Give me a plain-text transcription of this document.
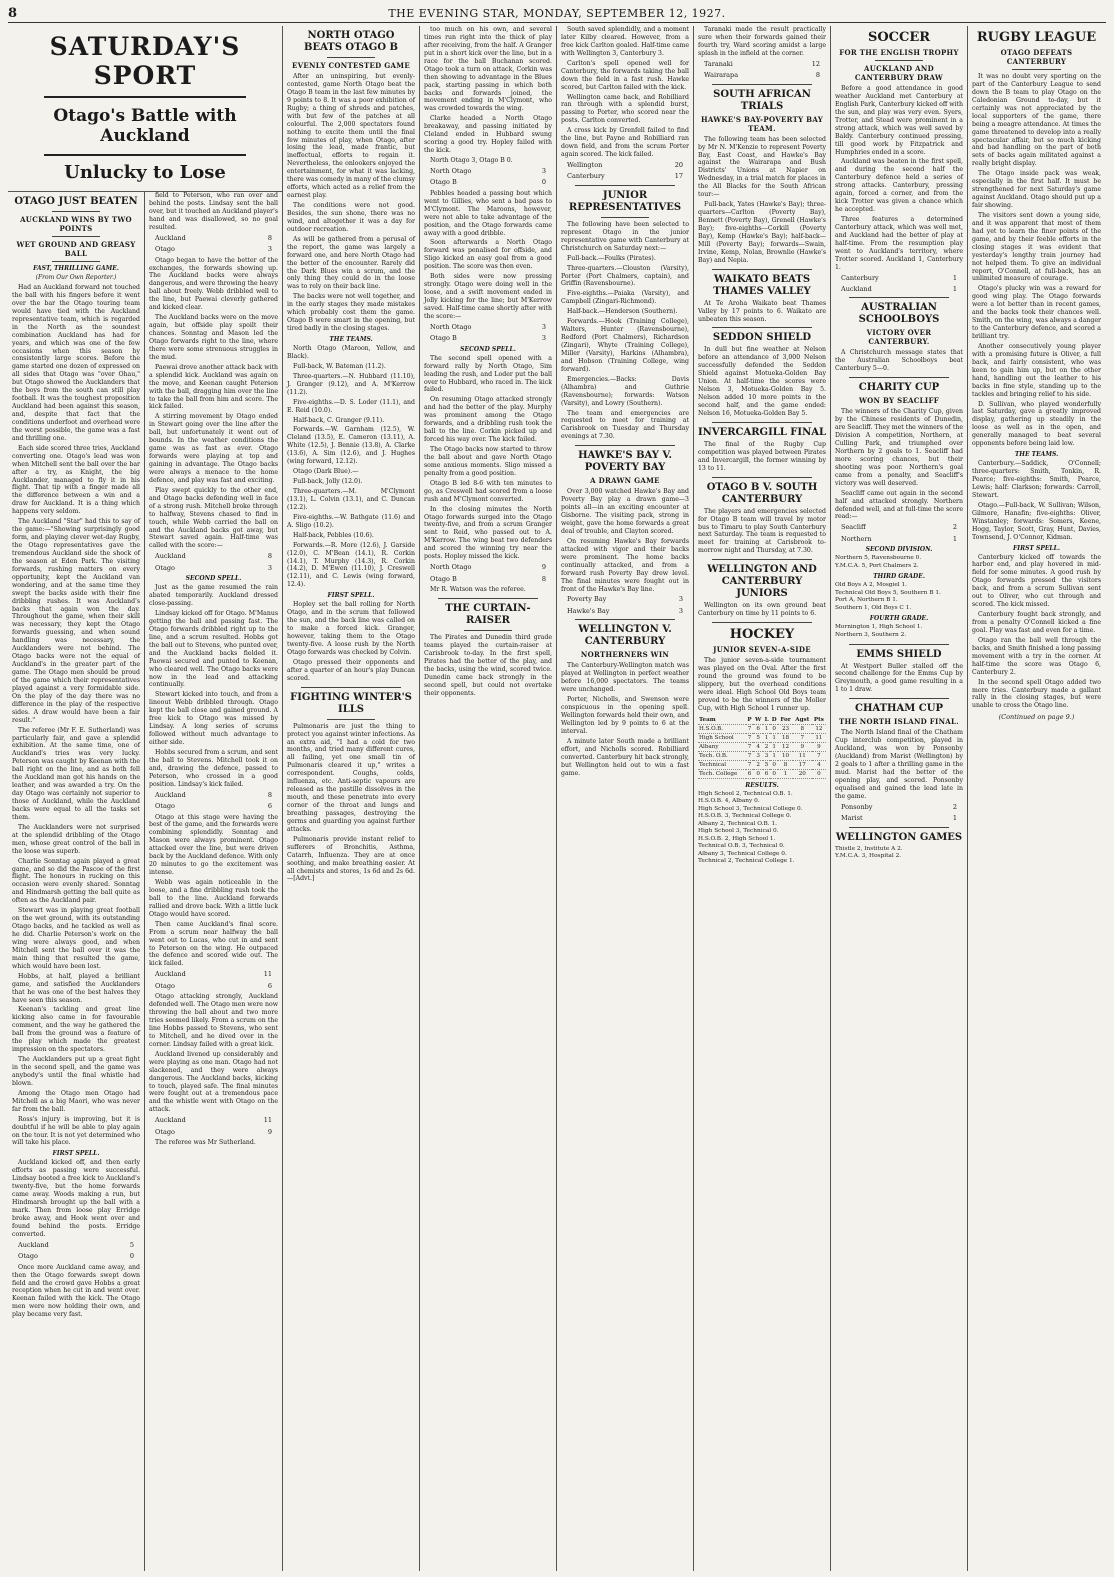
8	THE EVENING STAR, MONDAY, SEPTEMBER 12, 1927.
SATURDAY'S SPORT
Otago's Battle with Auckland
Unlucky to Lose
OTAGO JUST BEATEN
AUCKLAND WINS BY TWO POINTS
WET GROUND AND GREASY BALL
FAST, THRILLING GAME.
(From Our Own Reporter.)

Had an Auckland forward not touched the ball with his fingers before it went over the bar the Otago touring team would have tied with the Auckland representative team, which is regarded in the North as the soundest combination Auckland has had for years, and which was one of the few occasions when this season by consistently large scores. Before the game started one dozen of expressed on all sides that Otago was "over Ohau," but Otago showed the Aucklanders that the boys from the south can still play football. It was the toughest proposition Auckland had been against this season, and, despite that fact that the conditions underfoot and overhead were the worst possible, the game was a fast and thrilling one.

Each side scored three tries, Auckland converting one. Otago's lead was won when Mitchell sent the ball over the bar after a try, as Knight, the big Aucklander, managed to fly it in his flight. That tip with a finger made all the difference between a win and a draw for Auckland. It is a thing which happens very seldom.

The Auckland "Star" had this to say of the game:—"Showing surprisingly good form, and playing clever wet-day Rugby, the Otago representatives gave the tremendous Auckland side the shock of the season at Eden Park. The visiting forwards, rushing matters on every opportunity, kept the Auckland van wondering, and at the same time they swept the backs aside with their fine dribbling rushes. It was Auckland's backs that again won the day. Throughout the game, when their skill was necessary, they kept the Otago forwards guessing, and when sound handling was necessary, the Aucklanders were not behind. The Otago backs were not the equal of Auckland's in the greater part of the game. The Otago men should be proud of the game which their representatives played against a very formidable side. On the play of the day there was no difference in the play of the respective sides. A draw would have been a fair result."

The referee (Mr F. E. Sutherland) was particularly fair, and gave a splendid exhibition. At the same time, one of Auckland's tries was very lucky. Peterson was caught by Keenan with the ball right on the line, and as both fell the Auckland man got his hands on the leather, and was awarded a try. On the day Otago was certainly not superior to those of Auckland, while the Auckland backs were equal to all the tasks set them.

The Aucklanders were not surprised at the splendid dribbling of the Otago men, whose great control of the ball in the loose was superb.

Charlie Sonntag again played a great game, and so did the Pascoe of the first flight. The honours in rucking on this occasion were evenly shared. Sonntag and Hindmarsh getting the ball quite as often as the Auckland pair.

Stewart was in playing great football on the wet ground, with its outstanding Otago backs, and he tackled as well as he did. Charlie Peterson's work on the wing were always good, and when Mitchell sent the ball over it was the main thing that resulted the game, which would have been lost.

Hobbs, at half, played a brilliant game, and satisfied the Aucklanders that he was one of the best halves they have seen this season.

Keenan's tackling and great line kicking also came in for favourable comment, and the way he gathered the ball from the ground was a feature of the play which made the greatest impression on the spectators.

The Aucklanders put up a great fight in the second spell, and the game was anybody's until the final whistle had blown.

Among the Otago men Otago had Mitchell as a big Maori, who was never far from the ball.

Ross's injury is improving, but it is doubtful if he will be able to play again on the tour. It is not yet determined who will take his place.

FIRST SPELL.

Auckland kicked off, and then early efforts as passing were successful. Lindsay booted a free kick to Auckland's twenty-five, but the home forwards came away. Woods making a run, but Hindmarsh brought up the ball with a mark. Then from loose play Erridge broke away, and Hook went over and found behind the posts. Erridge converted.

Auckland	5
Otago	0

Once more Auckland came away, and then the Otago forwards swept down field and the crowd gave Hobbs a great reception when he cut in and went over. Keenan failed with the kick. The Otago men were now holding their own, and play became very fast.

field to Peterson, who ran over and behind the posts. Lindsay sent the ball over, but it touched an Auckland player's hand and was disallowed, so no goal resulted.

Auckland	8
Otago	3

Otago began to have the better of the exchanges, the forwards showing up. The Auckland backs were always dangerous, and were throwing the heavy ball about freely. Webb dribbled well to the line, but Paewai cleverly gathered and kicked clear.

The Auckland backs were on the move again, but offside play spoilt their chances. Sonntag and Mason led the Otago forwards right to the line, where there were some strenuous struggles in the mud.

Paewai drove another attack back with a splendid kick. Auckland was again on the move, and Keenan caught Peterson with the ball, dragging him over the line to take the ball from him and score. The kick failed.

A stirring movement by Otago ended in Stewart going over the line after the ball, but unfortunately it went out of bounds. In the weather conditions the game was as fast as ever. Otago forwards were playing at top and gaining in advantage. The Otago backs were always a menace to the home defence, and play was fast and exciting.

Play swept quickly to the other end, and Otago backs defending well in face of a strong rush. Mitchell broke through to halfway, Stevens chased to find in touch, while Webb carried the ball on and the Auckland backs got away, but Stewart saved again. Half-time was called with the score:—

Auckland	8
Otago	3
SECOND SPELL.

Just as the game resumed the rain abated temporarily. Auckland dressed close-passing.

Lindsay kicked off for Otago. M'Manus getting the ball and passing fast. The Otago forwards dribbled right up to the line, and a scrum resulted. Hobbs got the ball out to Stevens, who punted over, and the Auckland backs fielded it. Paewai secured and punted to Keenan, who cleared well. The Otago backs were now in the lead and attacking continually.

Stewart kicked into touch, and from a lineout Webb dribbled through. Otago kept the ball close and gained ground. A free kick to Otago was missed by Lindsay. A long series of scrums followed without much advantage to either side.

Hobbs secured from a scrum, and sent the ball to Stevens. Mitchell took it on and, drawing the defence, passed to Peterson, who crossed in a good position. Lindsay's kick failed.

Auckland	8
Otago	6

Otago at this stage were having the best of the game, and the forwards were combining splendidly. Sonntag and Mason were always prominent. Otago attacked over the line, but were driven back by the Auckland defence. With only 20 minutes to go the excitement was intense.

Webb was again noticeable in the loose, and a fine dribbling rush took the ball to the line. Auckland forwards rallied and drove back. With a little luck Otago would have scored.

Then came Auckland's final score. From a scrum near halfway the ball went out to Lucas, who cut in and sent to Peterson on the wing. He outpaced the defence and scored wide out. The kick failed.

Auckland	11
Otago	6

Otago attacking strongly, Auckland defended well. The Otago men were now throwing the ball about and two more tries seemed likely. From a scrum on the line Hobbs passed to Stevens, who sent to Mitchell, and he dived over in the corner. Lindsay failed with a great kick.

Auckland livened up considerably and were playing as one man. Otago had not slackened, and they were always dangerous. The Auckland backs, kicking to touch, played safe. The final minutes were fought out at a tremendous pace and the whistle went with Otago on the attack.

Auckland	11
Otago	9

The referee was Mr Sutherland.

NORTH OTAGO BEATS OTAGO B
EVENLY CONTESTED GAME

After an uninspiring, but evenly-contested, game North Otago beat the Otago B team in the last few minutes by 9 points to 8. It was a poor exhibition of Rugby; a thing of shreds and patches, with but few of the patches at all colourful. The 2,000 spectators found nothing to excite them until the final few minutes of play, when Otago, after losing the lead, made frantic, but ineffectual, efforts to regain it. Nevertheless, the onlookers enjoyed the entertainment, for what it was lacking, there was comedy in many of the clumsy efforts, which acted as a relief from the earnest play.

The conditions were not good. Besides, the sun shone, there was no wind, and altogether it was a day for outdoor recreation.

As will be gathered from a perusal of the report, the game was largely a forward one, and here North Otago had the better of the encounter. Rarely did the Dark Blues win a scrum, and the only thing they could do in the loose was to rely on their back line.

The backs were not well together, and in the early stages they made mistakes which probably cost them the game. Otago B were smart in the opening, but tired badly in the closing stages.

THE TEAMS.

North Otago (Maroon, Yellow, and Black).

Full-back, W. Bateman (11.2).

Three-quarters.—N. Hubbard (11.10), J. Granger (9.12), and A. M'Kerrow (11.2).

Five-eighths.—D. S. Loder (11.1), and E. Reid (10.0).

Half-back, C. Granger (9.11).

Forwards.—W. Garnham (12.5), W. Cleland (13.5), E. Cameron (13.11), A. White (12.5), J. Bennie (13.8), A. Clarke (13.6), A. Sim (12.6), and J. Hughes (wing forward, 12.12).

Otago (Dark Blue).—

Full-back, Jolly (12.0).

Three-quarters.—M. M'Clymont (13.1), L. Colvin (13.1), and C. Duncan (12.2).

Five-eighths.—W. Bathgate (11.6) and A. Sligo (10.2).

Half-back, Pebbles (10.6).

Forwards.—R. More (12.6), J. Garside (12.0), C. M'Bean (14.1), R. Corkin (14.1), T. Murphy (14.3), R. Corkin (14.2), D. M'Ewen (11.10), J. Creswell (12.11), and C. Lewis (wing forward, 12.4).

FIRST SPELL.

Hopley set the ball rolling for North Otago, and in the scrum that followed the sun, and the back line was called on to make a forced kick. Granger, however, taking them to the Otago twenty-five. A loose rush by the North Otago forwards was checked by Colvin.

Otago pressed their opponents and after a quarter of an hour's play Duncan scored.

FIGHTING WINTER'S ILLS

Pulmonaris are just the thing to protect you against winter infections. As an extra aid, "I had a cold for two months, and tried many different cures, all failing, yet one small tin of Pulmonaris cleared it up," writes a correspondent. Coughs, colds, influenza, etc. Anti-septic vapours are released as the pastille dissolves in the mouth, and these penetrate into every corner of the throat and lungs and breathing passages, destroying the germs and guarding you against further attacks.

Pulmonaris provide instant relief to sufferers of Bronchitis, Asthma, Catarrh, Influenza. They are at once soothing, and make breathing easier. At all chemists and stores, 1s 6d and 2s 6d.—[Advt.]

too much on his own, and several times run right into the thick of play after receiving, from the half. A Granger put in a short kick over the line, but in a race for the ball Buchanan scored. Otago took a turn on attack, Corkin was then showing to advantage in the Blues pack, starting passing in which both backs and forwards joined, the movement ending in M'Clymont, who was crowded towards the wing.

Clarke headed a North Otago breakaway, and passing initiated by Cleland ended in Hubbard swung scoring a good try. Hopley failed with the kick.

North Otago 3, Otago B 0.

North Otago	3
Otago B	0

Pebbles headed a passing bout which went to Gillies, who sent a bad pass to M'Clymont. The Maroons, however, were not able to take advantage of the position, and the Otago forwards came away with a good dribble.

Soon afterwards a North Otago forward was penalised for offside, and Sligo kicked an easy goal from a good position. The score was then even.

Both sides were now pressing strongly. Otago were doing well in the loose, and a swift movement ended in Jolly kicking for the line; but M'Kerrow saved. Half-time came shortly after with the score:—

North Otago	3
Otago B	3
SECOND SPELL.

The second spell opened with a forward rally by North Otago, Sim leading the rush, and Loder put the ball over to Hubbard, who raced in. The kick failed.

On resuming Otago attacked strongly and had the better of the play. Murphy was prominent among the Otago forwards, and a dribbling rush took the ball to the line. Corkin picked up and forced his way over. The kick failed.

The Otago backs now started to throw the ball about and gave North Otago some anxious moments. Sligo missed a penalty from a good position.

Otago B led 8-6 with ten minutes to go, as Creswell had scored from a loose rush and M'Clymont converted.

In the closing minutes the North Otago forwards surged into the Otago twenty-five, and from a scrum Granger sent to Reid, who passed out to A. M'Kerrow. The wing beat two defenders and scored the winning try near the posts. Hopley missed the kick.

North Otago	9
Otago B	8

Mr R. Watson was the referee.

THE CURTAIN-RAISER

The Pirates and Dunedin third grade teams played the curtain-raiser at Carisbrook to-day. In the first spell, Pirates had the better of the play, and the backs, using the wind, scored twice. Dunedin came back strongly in the second spell, but could not overtake their opponents.

South saved splendidly, and a moment later Kilby cleared. However, from a free kick Carlton goaled. Half-time came with Wellington 3, Canterbury 3.

Carlton's spell opened well for Canterbury, the forwards taking the ball down the field in a fast rush. Hawke scored, but Carlton failed with the kick.

Wellington came back, and Robilliard ran through with a splendid burst, passing to Porter, who scored near the posts. Carlton converted.

A cross kick by Grenfell failed to find the line, but Payne and Robilliard ran down field, and from the scrum Porter again scored. The kick failed.

Wellington	20
Canterbury	17
JUNIOR REPRESENTATIVES

The following have been selected to represent Otago in the junior representative game with Canterbury at Christchurch on Saturday next:—

Full-back.—Foulks (Pirates).

Three-quarters.—Clouston (Varsity), Porter (Port Chalmers, captain), and Griffin (Ravensbourne).

Five-eighths.—Paiaka (Varsity), and Campbell (Zingari-Richmond).

Half-back.—Henderson (Southern).

Forwards.—Hook (Training College), Walters, Hunter (Ravensbourne), Redford (Port Chalmers), Richardson (Zingari), Whyte (Training College), Miller (Varsity), Harkins (Alhambra), and Hobson (Training College, wing forward).

Emergencies.—Backs: Davis (Alhambra) and Guthrie (Ravensbourne); forwards: Watson (Varsity), and Lowry (Southern).

The team and emergencies are requested to meet for training at Carisbrook on Tuesday and Thursday evenings at 7.30.

HAWKE'S BAY V. POVERTY BAY
A DRAWN GAME

Over 3,000 watched Hawke's Bay and Poverty Bay play a drawn game—3 points all—in an exciting encounter at Gisborne. The visiting pack, strong in weight, gave the home forwards a great deal of trouble, and Clayton scored.

On resuming Hawke's Bay forwards attacked with vigor and their backs were prominent. The home backs continually attacked, and from a forward rush Poverty Bay drew level. The final minutes were fought out in front of the Hawke's Bay line.

Poverty Bay	3
Hawke's Bay	3
WELLINGTON V. CANTERBURY
NORTHERNERS WIN

The Canterbury-Wellington match was played at Wellington in perfect weather before 16,000 spectators. The teams were unchanged.

Porter, Nicholls, and Swenson were conspicuous in the opening spell. Wellington forwards held their own, and Wellington led by 9 points to 6 at the interval.

A minute later South made a brilliant effort, and Nicholls scored. Robilliard converted. Canterbury hit back strongly, but Wellington held out to win a fast game.

Taranaki made the result practically sure when their forwards gained their fourth try, Ward scoring amidst a large splash in the infield at the corner.

Taranaki	12
Wairarapa	8
SOUTH AFRICAN TRIALS
HAWKE'S BAY-POVERTY BAY TEAM.

The following team has been selected by Mr N. M'Kenzie to represent Poverty Bay, East Coast, and Hawke's Bay against the Wairarapa and Bush Districts' Unions at Napier on Wednesday, in a trial match for places in the All Blacks for the South African tour:—

Full-back, Yates (Hawke's Bay); three-quarters—Carlton (Poverty Bay), Bennett (Poverty Bay), Grenell (Hawke's Bay); five-eighths—Corkill (Poverty Bay), Kemp (Hawke's Bay); half-back—Mill (Poverty Bay); forwards—Swain, Irvine, Kemp, Nolan, Brownlie (Hawke's Bay) and Nepia.

WAIKATO BEATS THAMES VALLEY

At Te Aroha Waikato beat Thames Valley by 17 points to 6. Waikato are unbeaten this season.

SEDDON SHIELD

In dull but fine weather at Nelson before an attendance of 3,000 Nelson successfully defended the Seddon Shield against Motueka-Golden Bay Union. At half-time the scores were Nelson 3, Motueka-Golden Bay 5. Nelson added 10 more points in the second half, and the game ended: Nelson 16, Motueka-Golden Bay 5.

INVERCARGILL FINAL

The final of the Rugby Cup competition was played between Pirates and Invercargill, the former winning by 13 to 11.

OTAGO B V. SOUTH CANTERBURY

The players and emergencies selected for Otago B team will travel by motor bus to Timaru to play South Canterbury next Saturday. The team is requested to meet for training at Carisbrook to-morrow night and Thursday, at 7.30.

WELLINGTON AND CANTERBURY JUNIORS

Wellington on its own ground beat Canterbury on time by 11 points to 6.

HOCKEY
JUNIOR SEVEN-A-SIDE

The junior seven-a-side tournament was played on the Oval. After the first round the ground was found to be slippery, but the overhead conditions were ideal. High School Old Boys team proved to be the winners of the Moller Cup, with High School 1 runner up.

Team	P	W	L	D	For	Agst	Pts
H.S.O.B.	7	6	1	0	23	8	12
High School	7	5	1	1	18	7	11
Albany	7	4	2	1	12	9	9
Tech. O.B.	7	3	3	1	10	11	7
Technical	7	2	5	0	8	17	4
Tech. College	6	0	6	0	1	20	0
RESULTS.
High School 2, Technical O.B. 1.
H.S.O.B. 4, Albany 0.
High School 3, Technical College 0.
H.S.O.B. 3, Technical College 0.
Albany 2, Technical O.B. 1.
High School 3, Technical 0.
H.S.O.B. 2, High School 1.
Technical O.B. 3, Technical 0.
Albany 3, Technical College 0.
Technical 2, Technical College 1.
SOCCER
FOR THE ENGLISH TROPHY
AUCKLAND AND CANTERBURY DRAW

Before a good attendance in good weather Auckland met Canterbury at English Park, Canterbury kicked off with the sun, and play was very even. Syers, Trotter, and Stead were prominent in a strong attack, which was well saved by Baldy. Canterbury continued pressing, till good work by Fitzpatrick and Humphries ended in a score.

Auckland was beaten in the first spell, and during the second half the Canterbury defence held a series of strong attacks. Canterbury, pressing again, forced a corner, and from the kick Trotter was given a chance which he accepted.

Three features a determined Canterbury attack, which was well met, and Auckland had the better of play at half-time. From the resumption play went to Auckland's territory, where Trotter scored. Auckland 1, Canterbury 1.

Canterbury	1
Auckland	1
AUSTRALIAN SCHOOLBOYS
VICTORY OVER CANTERBURY.

A Christchurch message states that the Australian Schoolboys beat Canterbury 5—0.

CHARITY CUP
WON BY SEACLIFF

The winners of the Charity Cup, given by the Chinese residents of Dunedin, are Seacliff. They met the winners of the Division A competition, Northern, at Culling Park, and triumphed over Northern by 2 goals to 1. Seacliff had more scoring chances, but their shooting was poor. Northern's goal came from a penalty, and Seacliff's victory was well deserved.

Seacliff came out again in the second half and attacked strongly. Northern defended well, and at full-time the score read:—

Seacliff	2
Northern	1
SECOND DIVISION.
Northern 5, Ravensbourne 0.
Y.M.C.A. 5, Port Chalmers 2.
THIRD GRADE.
Old Boys A 2, Mosgiel 1.
Technical Old Boys 5, Southern B 1.
Port A, Northern B 1.
Southern 1, Old Boys C 1.
FOURTH GRADE.
Mornington 1, High School 1.
Northern 3, Southern 2.
EMMS SHIELD

At Westport Buller stalled off the second challenge for the Emms Cup by Greymouth, a good game resulting in a 1 to 1 draw.

CHATHAM CUP
THE NORTH ISLAND FINAL.

The North Island final of the Chatham Cup interclub competition, played in Auckland, was won by Ponsonby (Auckland) from Marist (Wellington) by 2 goals to 1 after a thrilling game in the mud. Marist had the better of the opening play, and scored. Ponsonby equalised and gained the lead late in the game.

Ponsonby	2
Marist	1
WELLINGTON GAMES
Thistle 2, Institute A 2.
Y.M.C.A. 3, Hospital 2.
RUGBY LEAGUE
OTAGO DEFEATS CANTERBURY

It was no doubt very sporting on the part of the Canterbury League to send down the B team to play Otago on the Caledonian Ground to-day, but it certainly was not appreciated by the local supporters of the game, there being a meagre attendance. At times the game threatened to develop into a really spectacular affair, but so much kicking and bad handling on the part of both sets of backs again militated against a really bright display.

The Otago inside pack was weak, especially in the first half. It must be strengthened for next Saturday's game against Auckland. Otago should put up a fair showing.

The visitors sent down a young side, and it was apparent that most of them had yet to learn the finer points of the game, and by their feeble efforts in the closing stages it was evident that yesterday's lengthy train journey had not helped them. To give an individual report, O'Connell, at full-back, has an unlimited measure of courage.

Otago's plucky win was a reward for good wing play. The Otago forwards were a lot better than in recent games, and the backs took their chances well. Smith, on the wing, was always a danger to the Canterbury defence, and scored a brilliant try.

Another consecutively young player with a promising future is Oliver, a full back, and fairly consistent, who was keen to gain him up, but on the other hand, handling out the leather to his backs in fine style, standing up to the tackles and bringing relief to his side.

D. Sullivan, who played wonderfully last Saturday, gave a greatly improved display, gathering up steadily in the loose as well as in the open, and generally managed to beat several opponents before being laid low.

THE TEAMS.

Canterbury.—Saddick, O'Connell; three-quarters: Smith, Tonkin, R. Pearce; five-eighths: Smith, Pearce, Lewis; half: Clarkson; forwards: Carroll, Stewart.

Otago.—Full-back, W. Sullivan; Wilson, Gilmore, Hanafin; five-eighths: Oliver, Winstanley; forwards: Somers, Keene, Hogg, Taylor, Scott, Gray, Hunt, Davies, Townsend, J. O'Connor, Kidman.

FIRST SPELL.

Canterbury kicked off towards the harbor end, and play hovered in mid-field for some minutes. A good rush by Otago forwards pressed the visitors back, and from a scrum Sullivan sent out to Oliver, who cut through and scored. The kick missed.

Canterbury fought back strongly, and from a penalty O'Connell kicked a fine goal. Play was fast and even for a time.

Otago ran the ball well through the backs, and Smith finished a long passing movement with a try in the corner. At half-time the score was Otago 6, Canterbury 2.

In the second spell Otago added two more tries. Canterbury made a gallant rally in the closing stages, but were unable to cross the Otago line.

(Continued on page 9.)
